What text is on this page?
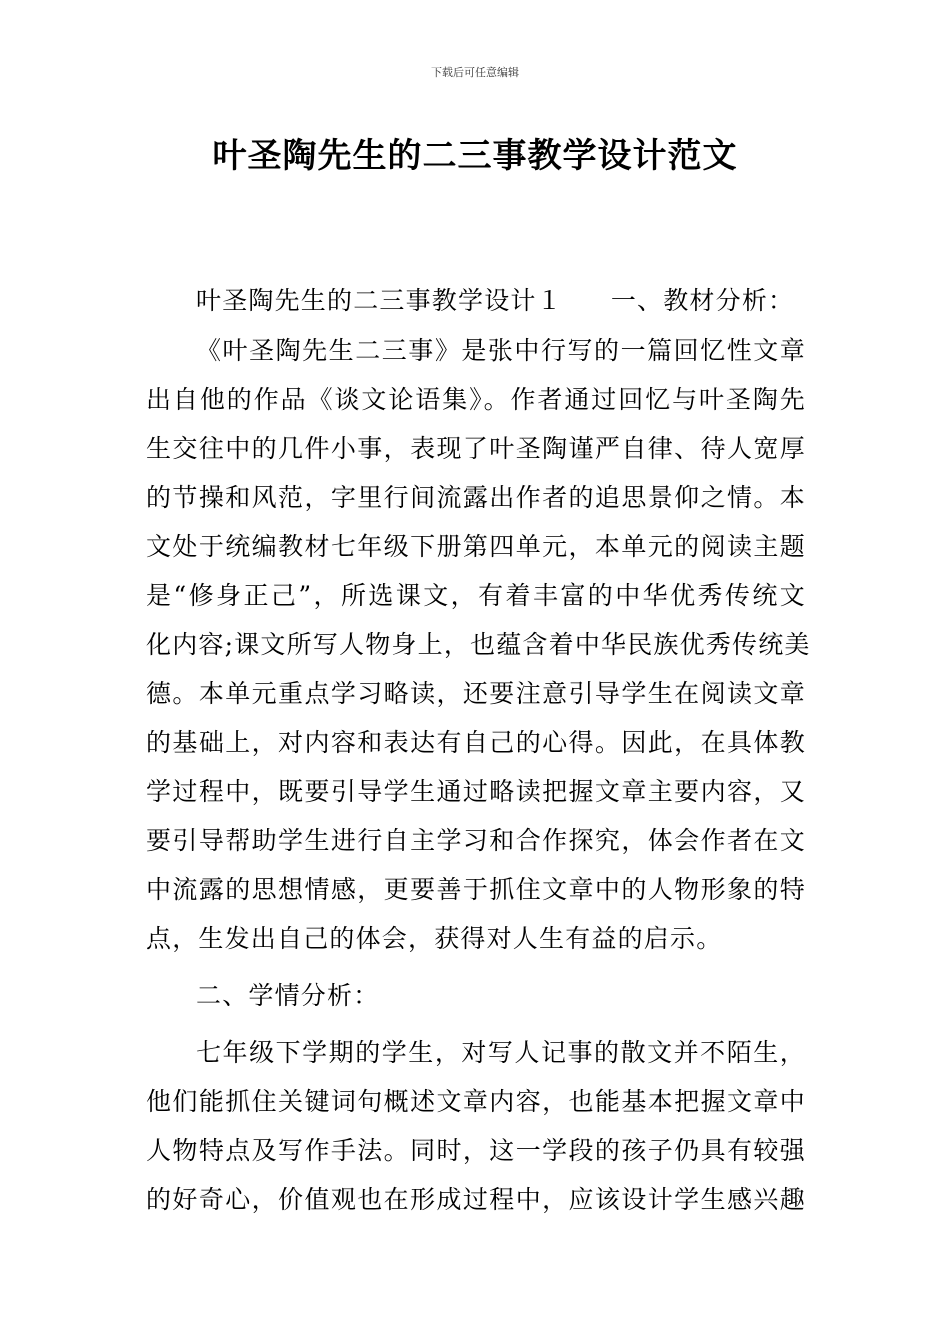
下载后可任意编辑
叶圣陶先生的二三事教学设计范文
叶圣陶先生的二三事教学设计１ 一、教材分析：
《叶圣陶先生二三事》是张中行写的一篇回忆性文章
出自他的作品《谈文论语集》。作者通过回忆与叶圣陶先
生交往中的几件小事，表现了叶圣陶谨严自律、待人宽厚
的节操和风范，字里行间流露出作者的追思景仰之情。本
文处于统编教材七年级下册第四单元，本单元的阅读主题
是“修身正己”，所选课文，有着丰富的中华优秀传统文
化内容;课文所写人物身上，也蕴含着中华民族优秀传统美
德。本单元重点学习略读，还要注意引导学生在阅读文章
的基础上，对内容和表达有自己的心得。因此，在具体教
学过程中，既要引导学生通过略读把握文章主要内容，又
要引导帮助学生进行自主学习和合作探究，体会作者在文
中流露的思想情感，更要善于抓住文章中的人物形象的特
点，生发出自己的体会，获得对人生有益的启示。
二、学情分析：
七年级下学期的学生，对写人记事的散文并不陌生，
他们能抓住关键词句概述文章内容，也能基本把握文章中
人物特点及写作手法。同时，这一学段的孩子仍具有较强
的好奇心，价值观也在形成过程中，应该设计学生感兴趣
